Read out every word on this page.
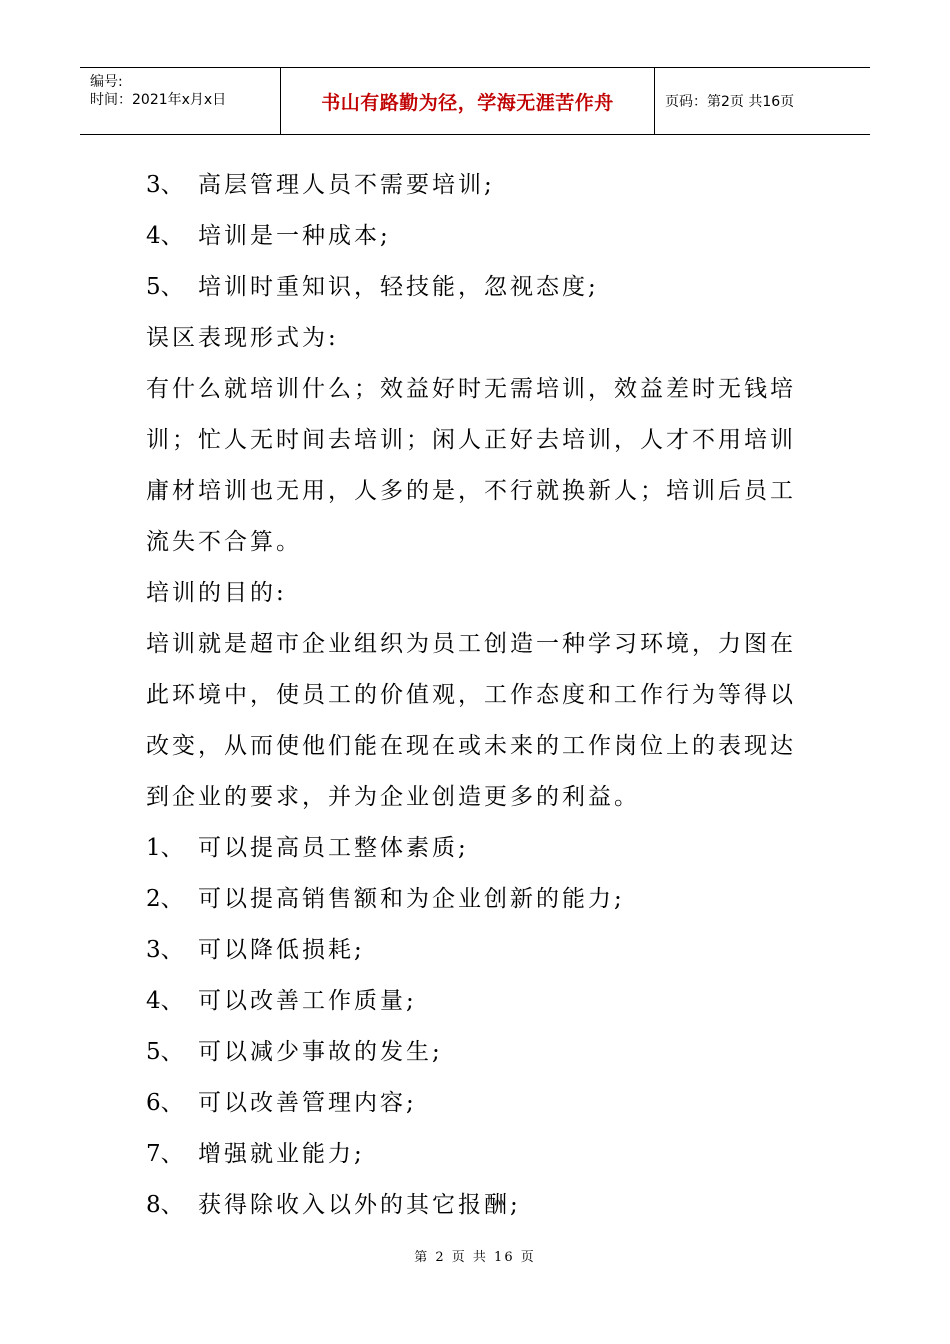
编号:
时间：2021年x月x日	书山有路勤为径，学海无涯苦作舟	页码： 第2页 共16页
3、 高层管理人员不需要培训;
4、 培训是一种成本;
5、 培训时重知识，轻技能，忽视态度;
误区表现形式为:
有什么就培训什么；效益好时无需培训，效益差时无钱培
训；忙人无时间去培训；闲人正好去培训，人才不用培训
庸材培训也无用，人多的是，不行就换新人；培训后员工
流失不合算。
培训的目的:
培训就是超市企业组织为员工创造一种学习环境，力图在
此环境中，使员工的价值观，工作态度和工作行为等得以
改变，从而使他们能在现在或未来的工作岗位上的表现达
到企业的要求，并为企业创造更多的利益。
1、 可以提高员工整体素质;
2、 可以提高销售额和为企业创新的能力;
3、 可以降低损耗;
4、 可以改善工作质量;
5、 可以减少事故的发生;
6、 可以改善管理内容;
7、 增强就业能力;
8、 获得除收入以外的其它报酬;
第 2 页 共 16 页
